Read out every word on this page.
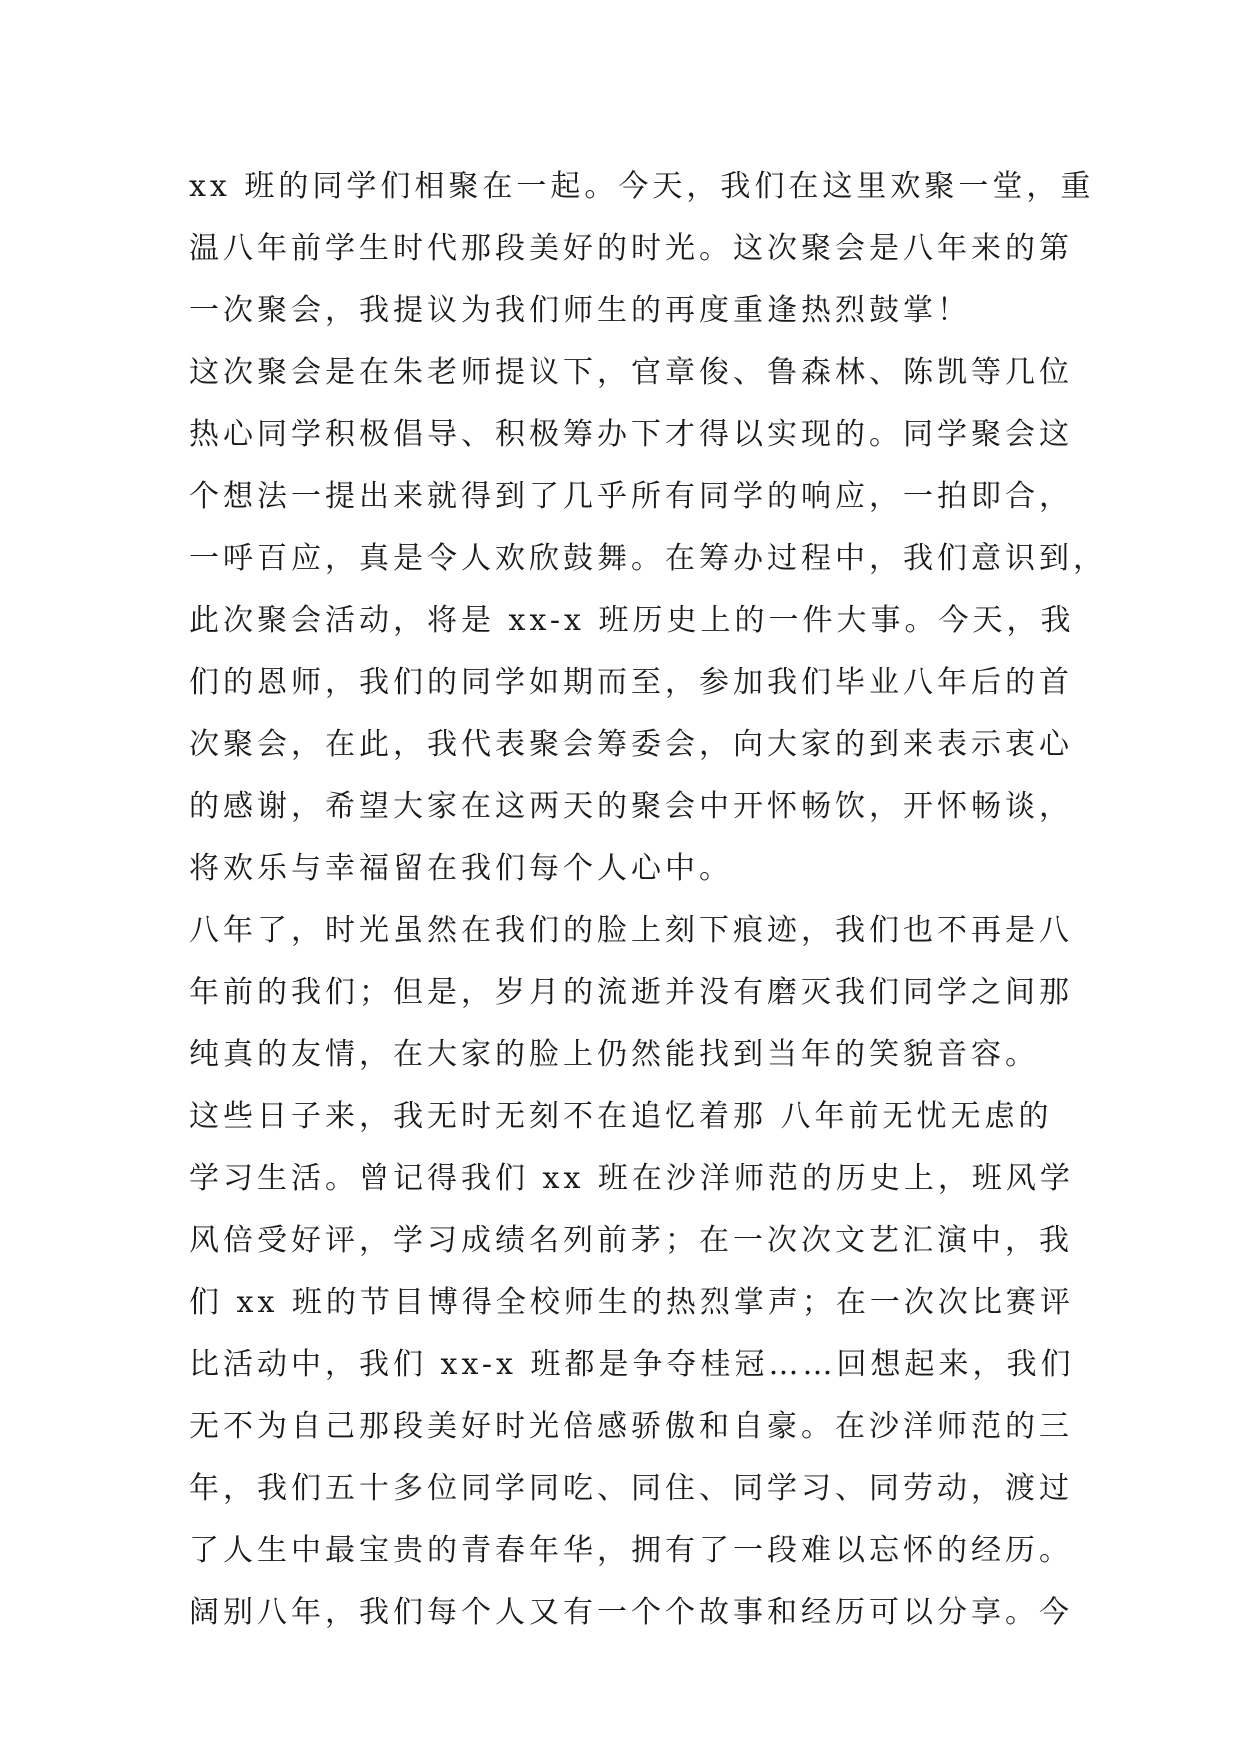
xx 班的同学们相聚在一起。今天，我们在这里欢聚一堂，重
温八年前学生时代那段美好的时光。这次聚会是八年来的第
一次聚会，我提议为我们师生的再度重逢热烈鼓掌！
这次聚会是在朱老师提议下，官章俊、鲁森林、陈凯等几位
热心同学积极倡导、积极筹办下才得以实现的。同学聚会这
个想法一提出来就得到了几乎所有同学的响应，一拍即合，
一呼百应，真是令人欢欣鼓舞。在筹办过程中，我们意识到，
此次聚会活动，将是 xx-x 班历史上的一件大事。今天，我
们的恩师，我们的同学如期而至，参加我们毕业八年后的首
次聚会，在此，我代表聚会筹委会，向大家的到来表示衷心
的感谢，希望大家在这两天的聚会中开怀畅饮，开怀畅谈，
将欢乐与幸福留在我们每个人心中。
八年了，时光虽然在我们的脸上刻下痕迹，我们也不再是八
年前的我们；但是，岁月的流逝并没有磨灭我们同学之间那
纯真的友情，在大家的脸上仍然能找到当年的笑貌音容。
这些日子来，我无时无刻不在追忆着那 八年前无忧无虑的
学习生活。曾记得我们 xx 班在沙洋师范的历史上，班风学
风倍受好评，学习成绩名列前茅；在一次次文艺汇演中，我
们 xx 班的节目博得全校师生的热烈掌声；在一次次比赛评
比活动中，我们 xx-x 班都是争夺桂冠……回想起来，我们
无不为自己那段美好时光倍感骄傲和自豪。在沙洋师范的三
年，我们五十多位同学同吃、同住、同学习、同劳动，渡过
了人生中最宝贵的青春年华，拥有了一段难以忘怀的经历。
阔别八年，我们每个人又有一个个故事和经历可以分享。今
